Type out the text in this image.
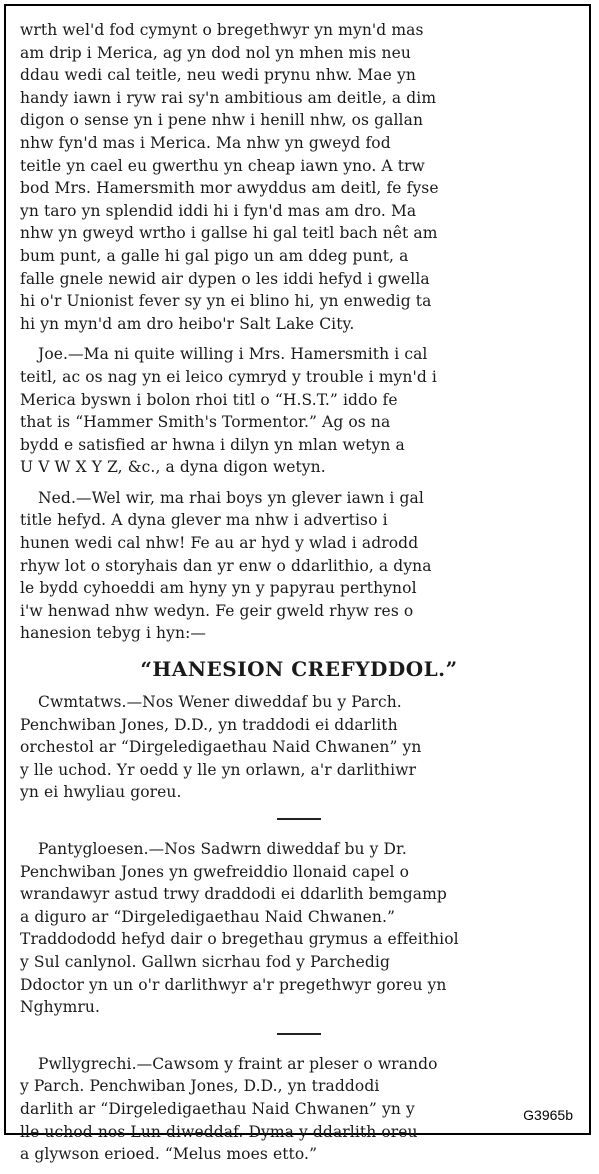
wrth wel'd fod cymynt o bregethwyr yn myn'd mas
am drip i Merica, ag yn dod nol yn mhen mis neu
ddau wedi cal teitle, neu wedi prynu nhw. Mae yn
handy iawn i ryw rai sy'n ambitious am deitle, a dim
digon o sense yn i pene nhw i henill nhw, os gallan
nhw fyn'd mas i Merica. Ma nhw yn gweyd fod
teitle yn cael eu gwerthu yn cheap iawn yno. A trw
bod Mrs. Hamersmith mor awyddus am deitl, fe fyse
yn taro yn splendid iddi hi i fyn'd mas am dro. Ma
nhw yn gweyd wrtho i gallse hi gal teitl bach nêt am
bum punt, a galle hi gal pigo un am ddeg punt, a
falle gnele newid air dypen o les iddi hefyd i gwella
hi o'r Unionist fever sy yn ei blino hi, yn enwedig ta
hi yn myn'd am dro heibo'r Salt Lake City.
Joe.—Ma ni quite willing i Mrs. Hamersmith i cal
teitl, ac os nag yn ei leico cymryd y trouble i myn'd i
Merica byswn i bolon rhoi titl o “H.S.T.” iddo fe
that is “Hammer Smith's Tormentor.” Ag os na
bydd e satisfied ar hwna i dilyn yn mlan wetyn a
U V W X Y Z, &c., a dyna digon wetyn.
Ned.—Wel wir, ma rhai boys yn glever iawn i gal
title hefyd. A dyna glever ma nhw i advertiso i
hunen wedi cal nhw! Fe au ar hyd y wlad i adrodd
rhyw lot o storyhais dan yr enw o ddarlithio, a dyna
le bydd cyhoeddi am hyny yn y papyrau perthynol
i'w henwad nhw wedyn. Fe geir gweld rhyw res o
hanesion tebyg i hyn:—
“HANESION CREFYDDOL.”
Cwmtatws.—Nos Wener diweddaf bu y Parch.
Penchwiban Jones, D.D., yn traddodi ei ddarlith
orchestol ar “Dirgeledigaethau Naid Chwanen” yn
y lle uchod. Yr oedd y lle yn orlawn, a'r darlithiwr
yn ei hwyliau goreu.
Pantygloesen.—Nos Sadwrn diweddaf bu y Dr.
Penchwiban Jones yn gwefreiddio llonaid capel o
wrandawyr astud trwy draddodi ei ddarlith bemgamp
a diguro ar “Dirgeledigaethau Naid Chwanen.”
Traddododd hefyd dair o bregethau grymus a effeithiol
y Sul canlynol. Gallwn sicrhau fod y Parchedig
Ddoctor yn un o'r darlithwyr a'r pregethwyr goreu yn
Nghymru.
Pwllygrechi.—Cawsom y fraint ar pleser o wrando
y Parch. Penchwiban Jones, D.D., yn traddodi
darlith ar “Dirgeledigaethau Naid Chwanen” yn y
lle uchod nos Lun diweddaf. Dyma y ddarlith oreu
a glywson erioed. “Melus moes etto.”
G3965b
